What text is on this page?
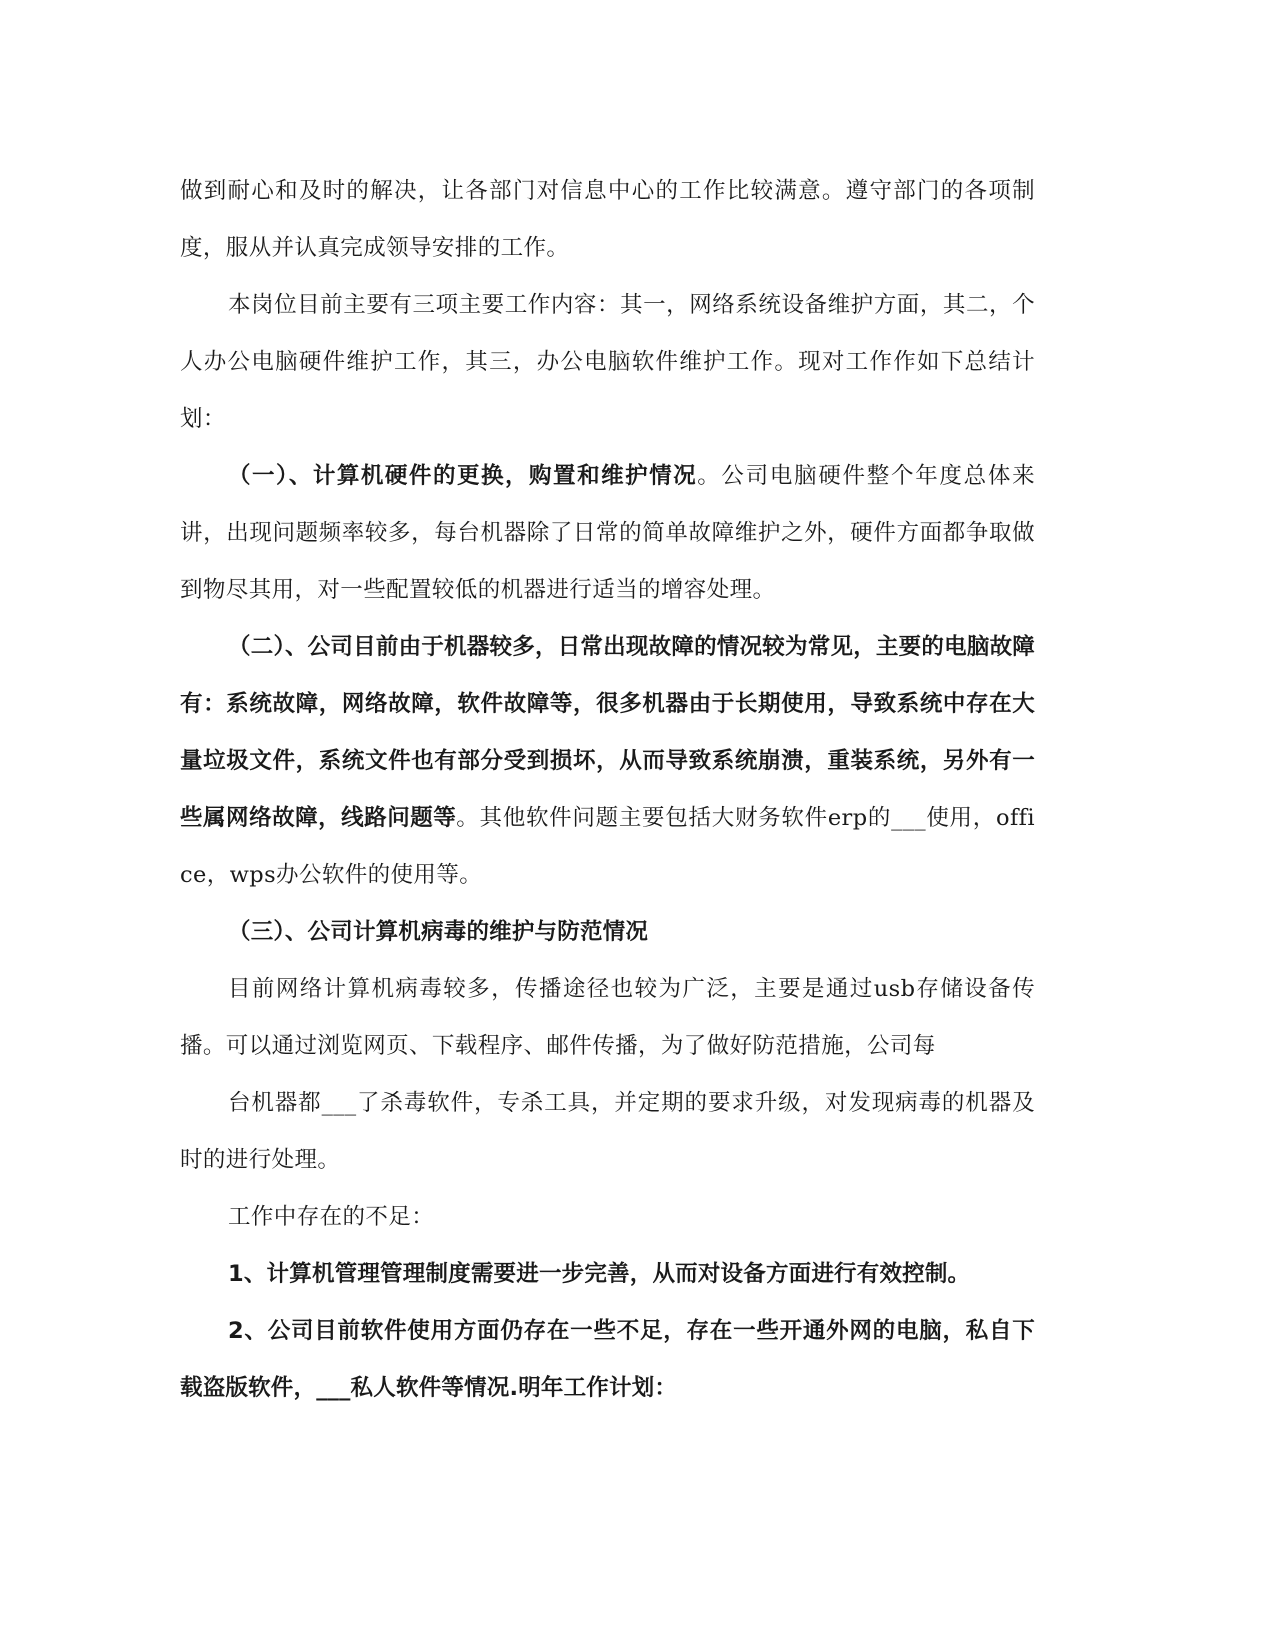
做到耐心和及时的解决，让各部门对信息中心的工作比较满意。遵守部门的各项制度，服从并认真完成领导安排的工作。

本岗位目前主要有三项主要工作内容：其一，网络系统设备维护方面，其二，个人办公电脑硬件维护工作，其三，办公电脑软件维护工作。现对工作作如下总结计划：

（一）、计算机硬件的更换，购置和维护情况。公司电脑硬件整个年度总体来讲，出现问题频率较多，每台机器除了日常的简单故障维护之外，硬件方面都争取做到物尽其用，对一些配置较低的机器进行适当的增容处理。

（二）、公司目前由于机器较多，日常出现故障的情况较为常见，主要的电脑故障有：系统故障，网络故障，软件故障等，很多机器由于长期使用，导致系统中存在大量垃圾文件，系统文件也有部分受到损坏，从而导致系统崩溃，重装系统，另外有一些属网络故障，线路问题等。其他软件问题主要包括大财务软件erp的___使用，office，wps办公软件的使用等。

（三）、公司计算机病毒的维护与防范情况

目前网络计算机病毒较多，传播途径也较为广泛，主要是通过usb存储设备传播。可以通过浏览网页、下载程序、邮件传播，为了做好防范措施，公司每

台机器都___了杀毒软件，专杀工具，并定期的要求升级，对发现病毒的机器及时的进行处理。

工作中存在的不足：

1、计算机管理管理制度需要进一步完善，从而对设备方面进行有效控制。

2、公司目前软件使用方面仍存在一些不足，存在一些开通外网的电脑，私自下载盗版软件，___私人软件等情况.明年工作计划：
